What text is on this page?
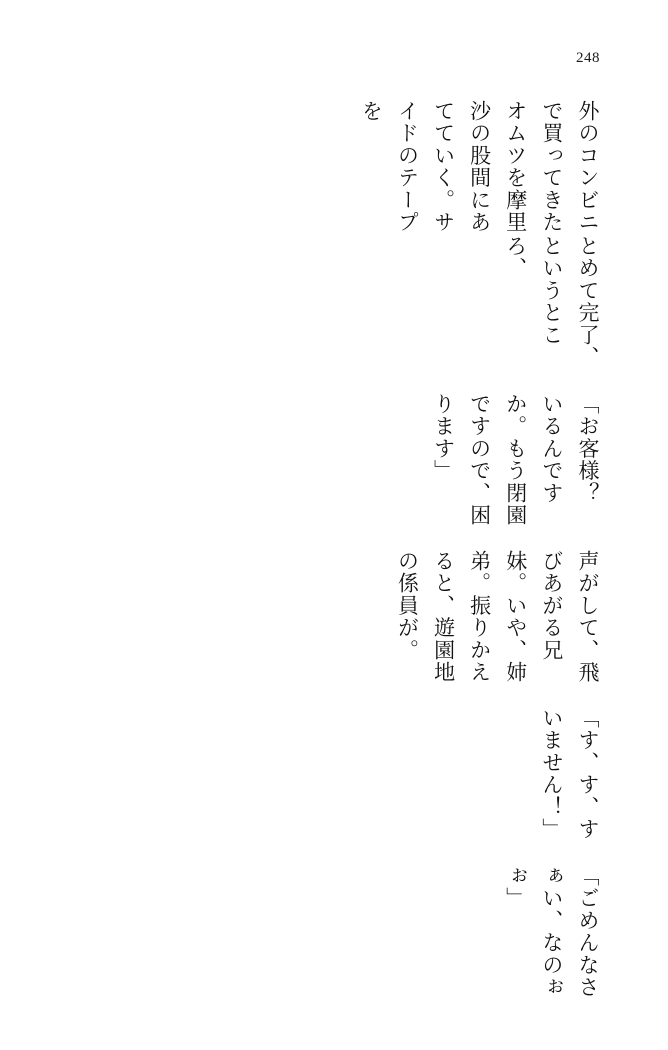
248

外のコンビニで買ってきたオムツを摩里沙の股間にあてていく。サイドのテープを

とめて完了、というところ、

「お客様？　いるんですか。もう閉園ですので、困ります」

声がして、飛びあがる兄妹。いや、姉弟。振りかえると、遊園地の係員が。

「す、す、すいません！」

「ごめんなさぁい、なのぉぉ」
